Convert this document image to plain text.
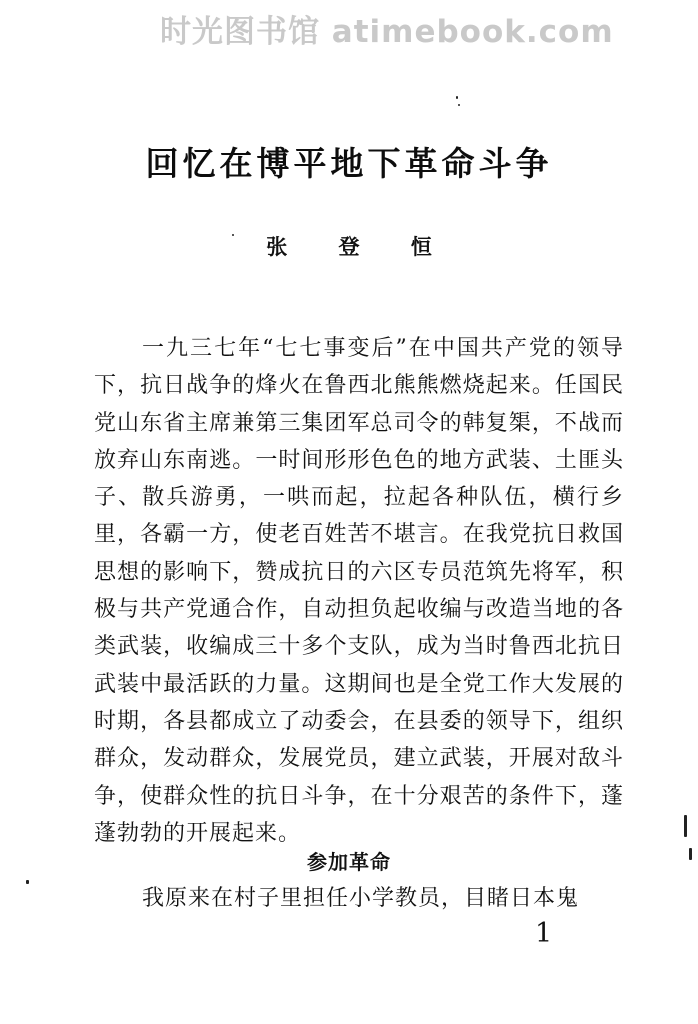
时光图书馆 atimebook.com
回忆在博平地下革命斗争
张 登 恒

一九三七年“七七事变后”在中国共产党的领导下，抗日战争的烽火在鲁西北熊熊燃烧起来。任国民党山东省主席兼第三集团军总司令的韩复榘，不战而放弃山东南逃。一时间形形色色的地方武装、土匪头子、散兵游勇，一哄而起，拉起各种队伍，横行乡里，各霸一方，使老百姓苦不堪言。在我党抗日救国思想的影响下，赞成抗日的六区专员范筑先将军，积极与共产党通合作，自动担负起收编与改造当地的各类武装，收编成三十多个支队，成为当时鲁西北抗日武装中最活跃的力量。这期间也是全党工作大发展的时期，各县都成立了动委会，在县委的领导下，组织群众，发动群众，发展党员，建立武装，开展对敌斗争，使群众性的抗日斗争，在十分艰苦的条件下，蓬蓬勃勃的开展起来。

参加革命

我原来在村子里担任小学教员，目睹日本鬼

1
